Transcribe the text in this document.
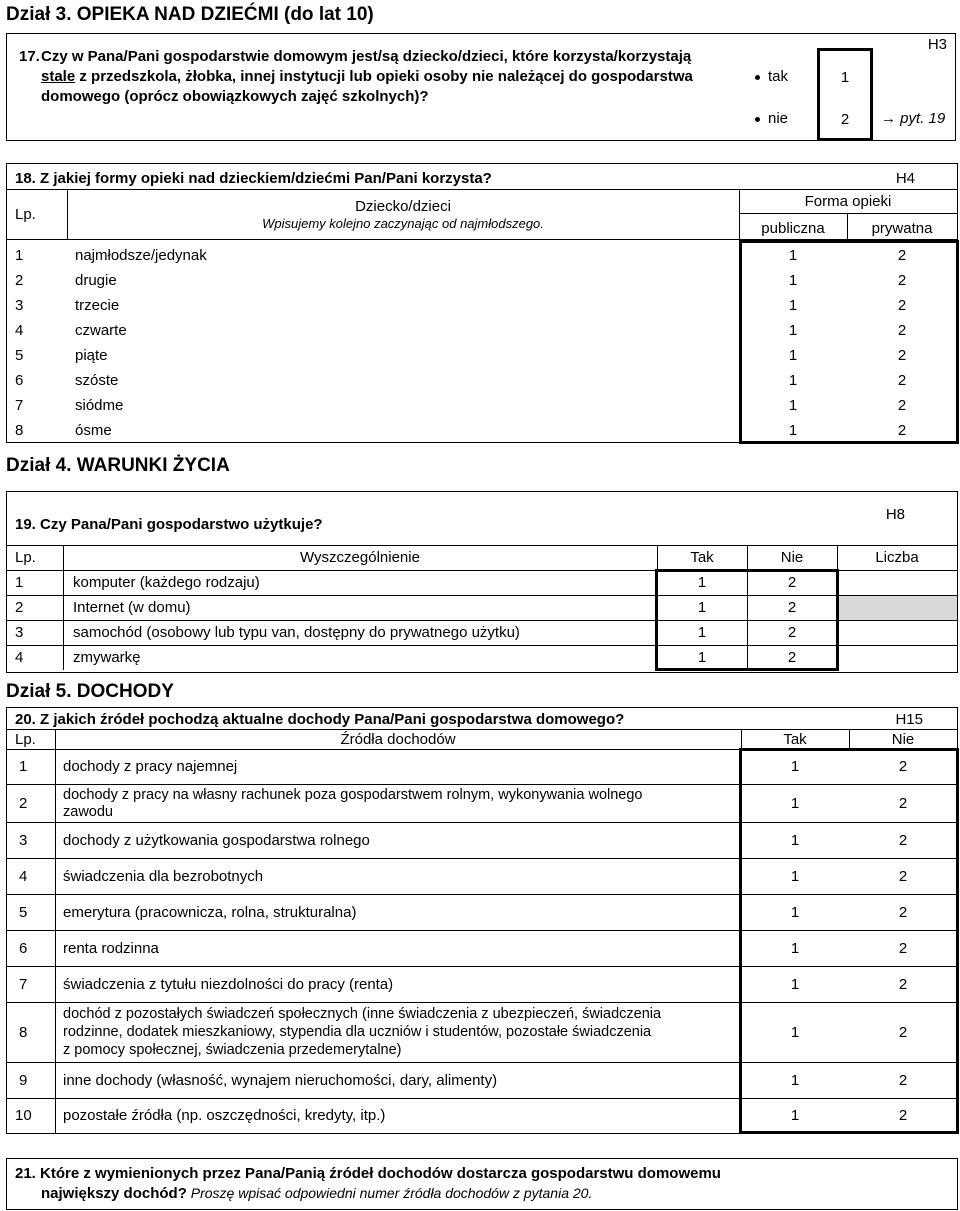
Dział 3. OPIEKA NAD DZIEĆMI (do lat 10)
17. Czy w Pana/Pani gospodarstwie domowym jest/są dziecko/dzieci, które korzysta/korzystają
stale z przedszkola, żłobka, innej instytucji lub opieki osoby nie należącej do gospodarstwa
domowego (oprócz obowiązkowych zajęć szkolnych)?
H3
tak
nie
1
2	→ pyt. 19
18. Z jakiej formy opieki nad dzieckiem/dziećmi Pan/Pani korzysta?	H4
Lp.	Dziecko/dzieci
Wpisujemy kolejno zaczynając od najmłodszego.
Forma opieki
publiczna	prywatna
1	najmłodsze/jedynak	1	2
2	drugie	1	2
3	trzecie	1	2
4	czwarte	1	2
5	piąte	1	2
6	szóste	1	2
7	siódme	1	2
8	ósme	1	2
Dział 4. WARUNKI ŻYCIA
19. Czy Pana/Pani gospodarstwo użytkuje?
H8
Lp.	Wyszczególnienie	Tak	Nie	Liczba
1	komputer (każdego rodzaju)	1	2
2	Internet (w domu)	1	2
3	samochód (osobowy lub typu van, dostępny do prywatnego użytku)	1	2
4	zmywarkę	1	2
Dział 5. DOCHODY
20. Z jakich źródeł pochodzą aktualne dochody Pana/Pani gospodarstwa domowego?	H15
Lp.	Źródła dochodów	Tak	Nie
1 dochody z pracy najemnej	1	2
2 dochody z pracy na własny rachunek poza gospodarstwem rolnym, wykonywania wolnego
zawodu
1	2
3 dochody z użytkowania gospodarstwa rolnego	1	2
4 świadczenia dla bezrobotnych	1	2
5 emerytura (pracownicza, rolna, strukturalna)	1	2
6 renta rodzinna	1	2
7 świadczenia z tytułu niezdolności do pracy (renta)	1	2
8
dochód z pozostałych świadczeń społecznych (inne świadczenia z ubezpieczeń, świadczenia
rodzinne, dodatek mieszkaniowy, stypendia dla uczniów i studentów, pozostałe świadczenia
z pomocy społecznej, świadczenia przedemerytalne)
1	2
9 inne dochody (własność, wynajem nieruchomości, dary, alimenty)	1	2
10 pozostałe źródła (np. oszczędności, kredyty, itp.)	1	2
21. Które z wymienionych przez Pana/Panią źródeł dochodów dostarcza gospodarstwu domowemu
największy dochód? Proszę wpisać odpowiedni numer źródła dochodów z pytania 20.
